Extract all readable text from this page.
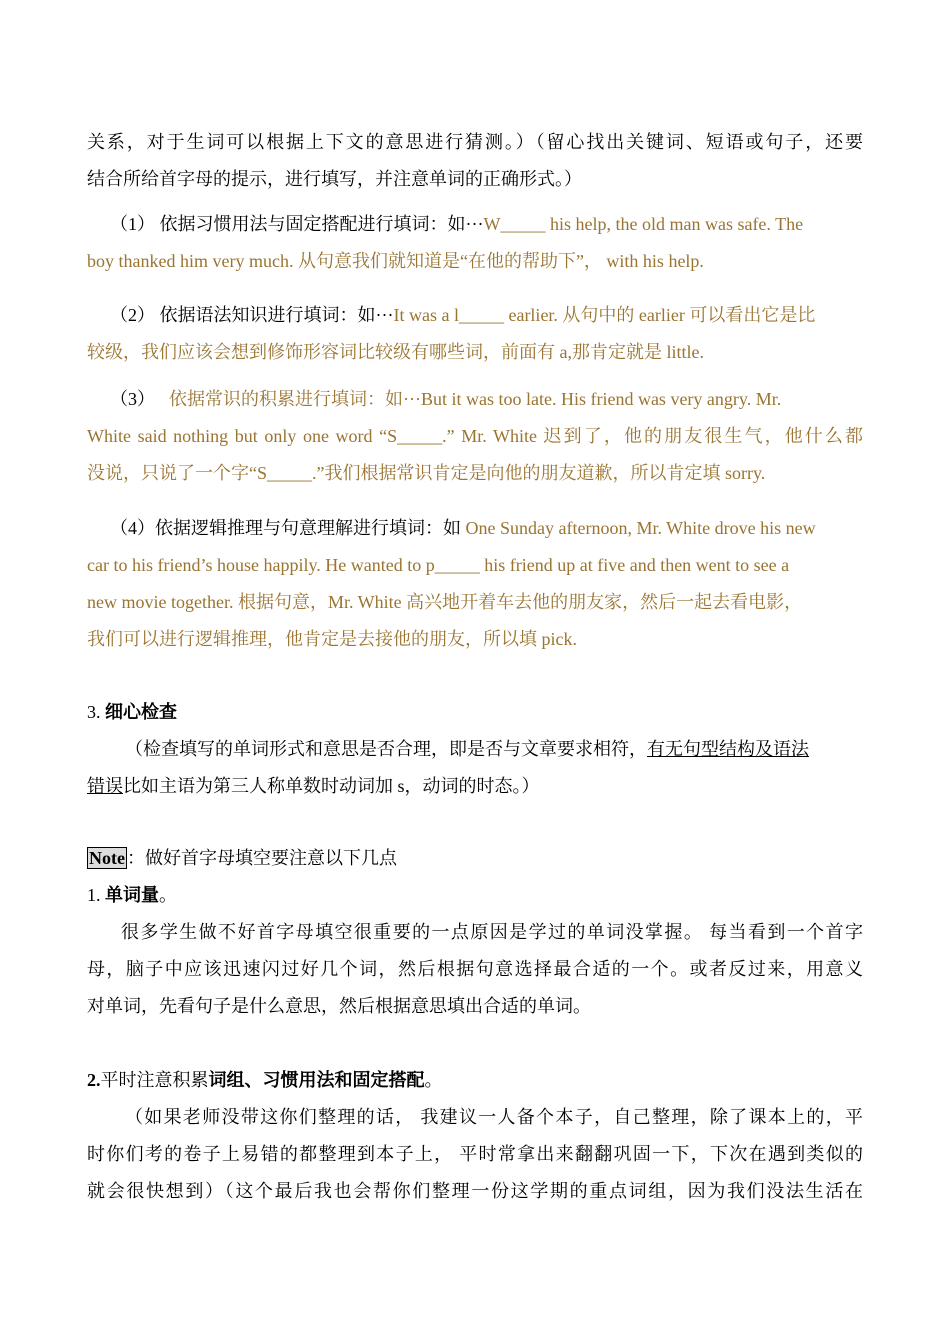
关系，对于生词可以根据上下文的意思进行猜测。）（留心找出关键词、短语或句子，还要
结合所给首字母的提示，进行填写，并注意单词的正确形式。）
（1） 依据习惯用法与固定搭配进行填词：如···W_____ his help, the old man was safe. The
boy thanked him very much. 从句意我们就知道是“在他的帮助下”， with his help.
（2） 依据语法知识进行填词：如···It was a l_____ earlier. 从句中的 earlier 可以看出它是比
较级，我们应该会想到修饰形容词比较级有哪些词，前面有 a,那肯定就是 little.
（3） 依据常识的积累进行填词：如···But it was too late. His friend was very angry. Mr.
White said nothing but only one word “S_____.” Mr. White 迟到了，他的朋友很生气，他什么都
没说，只说了一个字“S_____.”我们根据常识肯定是向他的朋友道歉，所以肯定填 sorry.
（4）依据逻辑推理与句意理解进行填词：如 One Sunday afternoon, Mr. White drove his new
car to his friend’s house happily. He wanted to p_____ his friend up at five and then went to see a
new movie together. 根据句意，Mr. White 高兴地开着车去他的朋友家，然后一起去看电影，
我们可以进行逻辑推理，他肯定是去接他的朋友，所以填 pick.
3. 细心检查
（检查填写的单词形式和意思是否合理，即是否与文章要求相符，有无句型结构及语法
错误比如主语为第三人称单数时动词加 s，动词的时态。）
Note ：做好首字母填空要注意以下几点
1. 单词量。
很多学生做不好首字母填空很重要的一点原因是学过的单词没掌握。 每当看到一个首字
母，脑子中应该迅速闪过好几个词，然后根据句意选择最合适的一个。或者反过来，用意义
对单词，先看句子是什么意思，然后根据意思填出合适的单词。
2.平时注意积累词组、习惯用法和固定搭配。
（如果老师没带这你们整理的话， 我建议一人备个本子，自己整理，除了课本上的，平
时你们考的卷子上易错的都整理到本子上， 平时常拿出来翻翻巩固一下，下次在遇到类似的
就会很快想到）（这个最后我也会帮你们整理一份这学期的重点词组，因为我们没法生活在
